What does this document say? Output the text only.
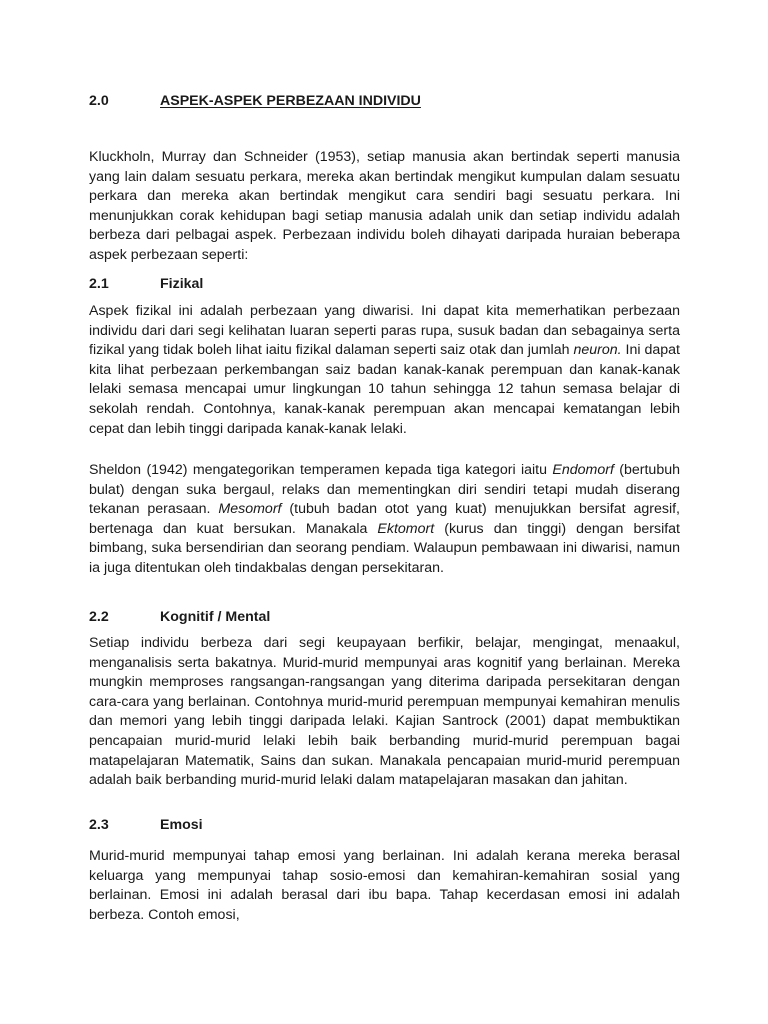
2.0	ASPEK-ASPEK PERBEZAAN INDIVIDU

Kluckholn, Murray dan Schneider (1953), setiap manusia akan bertindak seperti manusia yang lain dalam sesuatu perkara, mereka akan bertindak mengikut kumpulan dalam sesuatu perkara dan mereka akan bertindak mengikut cara sendiri bagi sesuatu perkara. Ini menunjukkan corak kehidupan bagi setiap manusia adalah unik dan setiap individu adalah berbeza dari pelbagai aspek. Perbezaan individu boleh dihayati daripada huraian beberapa aspek perbezaan seperti:

2.1	Fizikal

Aspek fizikal ini adalah perbezaan yang diwarisi. Ini dapat kita memerhatikan perbezaan individu dari dari segi kelihatan luaran seperti paras rupa, susuk badan dan sebagainya serta fizikal yang tidak boleh lihat iaitu fizikal dalaman seperti saiz otak dan jumlah neuron. Ini dapat kita lihat perbezaan perkembangan saiz badan kanak-kanak perempuan dan kanak-kanak lelaki semasa mencapai umur lingkungan 10 tahun sehingga 12 tahun semasa belajar di sekolah rendah. Contohnya, kanak-kanak perempuan akan mencapai kematangan lebih cepat dan lebih tinggi daripada kanak-kanak lelaki.

Sheldon (1942) mengategorikan temperamen kepada tiga kategori iaitu Endomorf (bertubuh bulat) dengan suka bergaul, relaks dan mementingkan diri sendiri tetapi mudah diserang tekanan perasaan. Mesomorf (tubuh badan otot yang kuat) menujukkan bersifat agresif, bertenaga dan kuat bersukan. Manakala Ektomort (kurus dan tinggi) dengan bersifat bimbang, suka bersendirian dan seorang pendiam. Walaupun pembawaan ini diwarisi, namun ia juga ditentukan oleh tindakbalas dengan persekitaran.

2.2	Kognitif / Mental

Setiap individu berbeza dari segi keupayaan berfikir, belajar, mengingat, menaakul, menganalisis serta bakatnya. Murid-murid mempunyai aras kognitif yang berlainan. Mereka mungkin memproses rangsangan-rangsangan yang diterima daripada persekitaran dengan cara-cara yang berlainan. Contohnya murid-murid perempuan mempunyai kemahiran menulis dan memori yang lebih tinggi daripada lelaki. Kajian Santrock (2001) dapat membuktikan pencapaian murid-murid lelaki lebih baik berbanding murid-murid perempuan bagai matapelajaran Matematik, Sains dan sukan. Manakala pencapaian murid-murid perempuan adalah baik berbanding murid-murid lelaki dalam matapelajaran masakan dan jahitan.

2.3	Emosi

Murid-murid mempunyai tahap emosi yang berlainan. Ini adalah kerana mereka berasal keluarga yang mempunyai tahap sosio-emosi dan kemahiran-kemahiran sosial yang berlainan. Emosi ini adalah berasal dari ibu bapa. Tahap kecerdasan emosi ini adalah berbeza. Contoh emosi,
